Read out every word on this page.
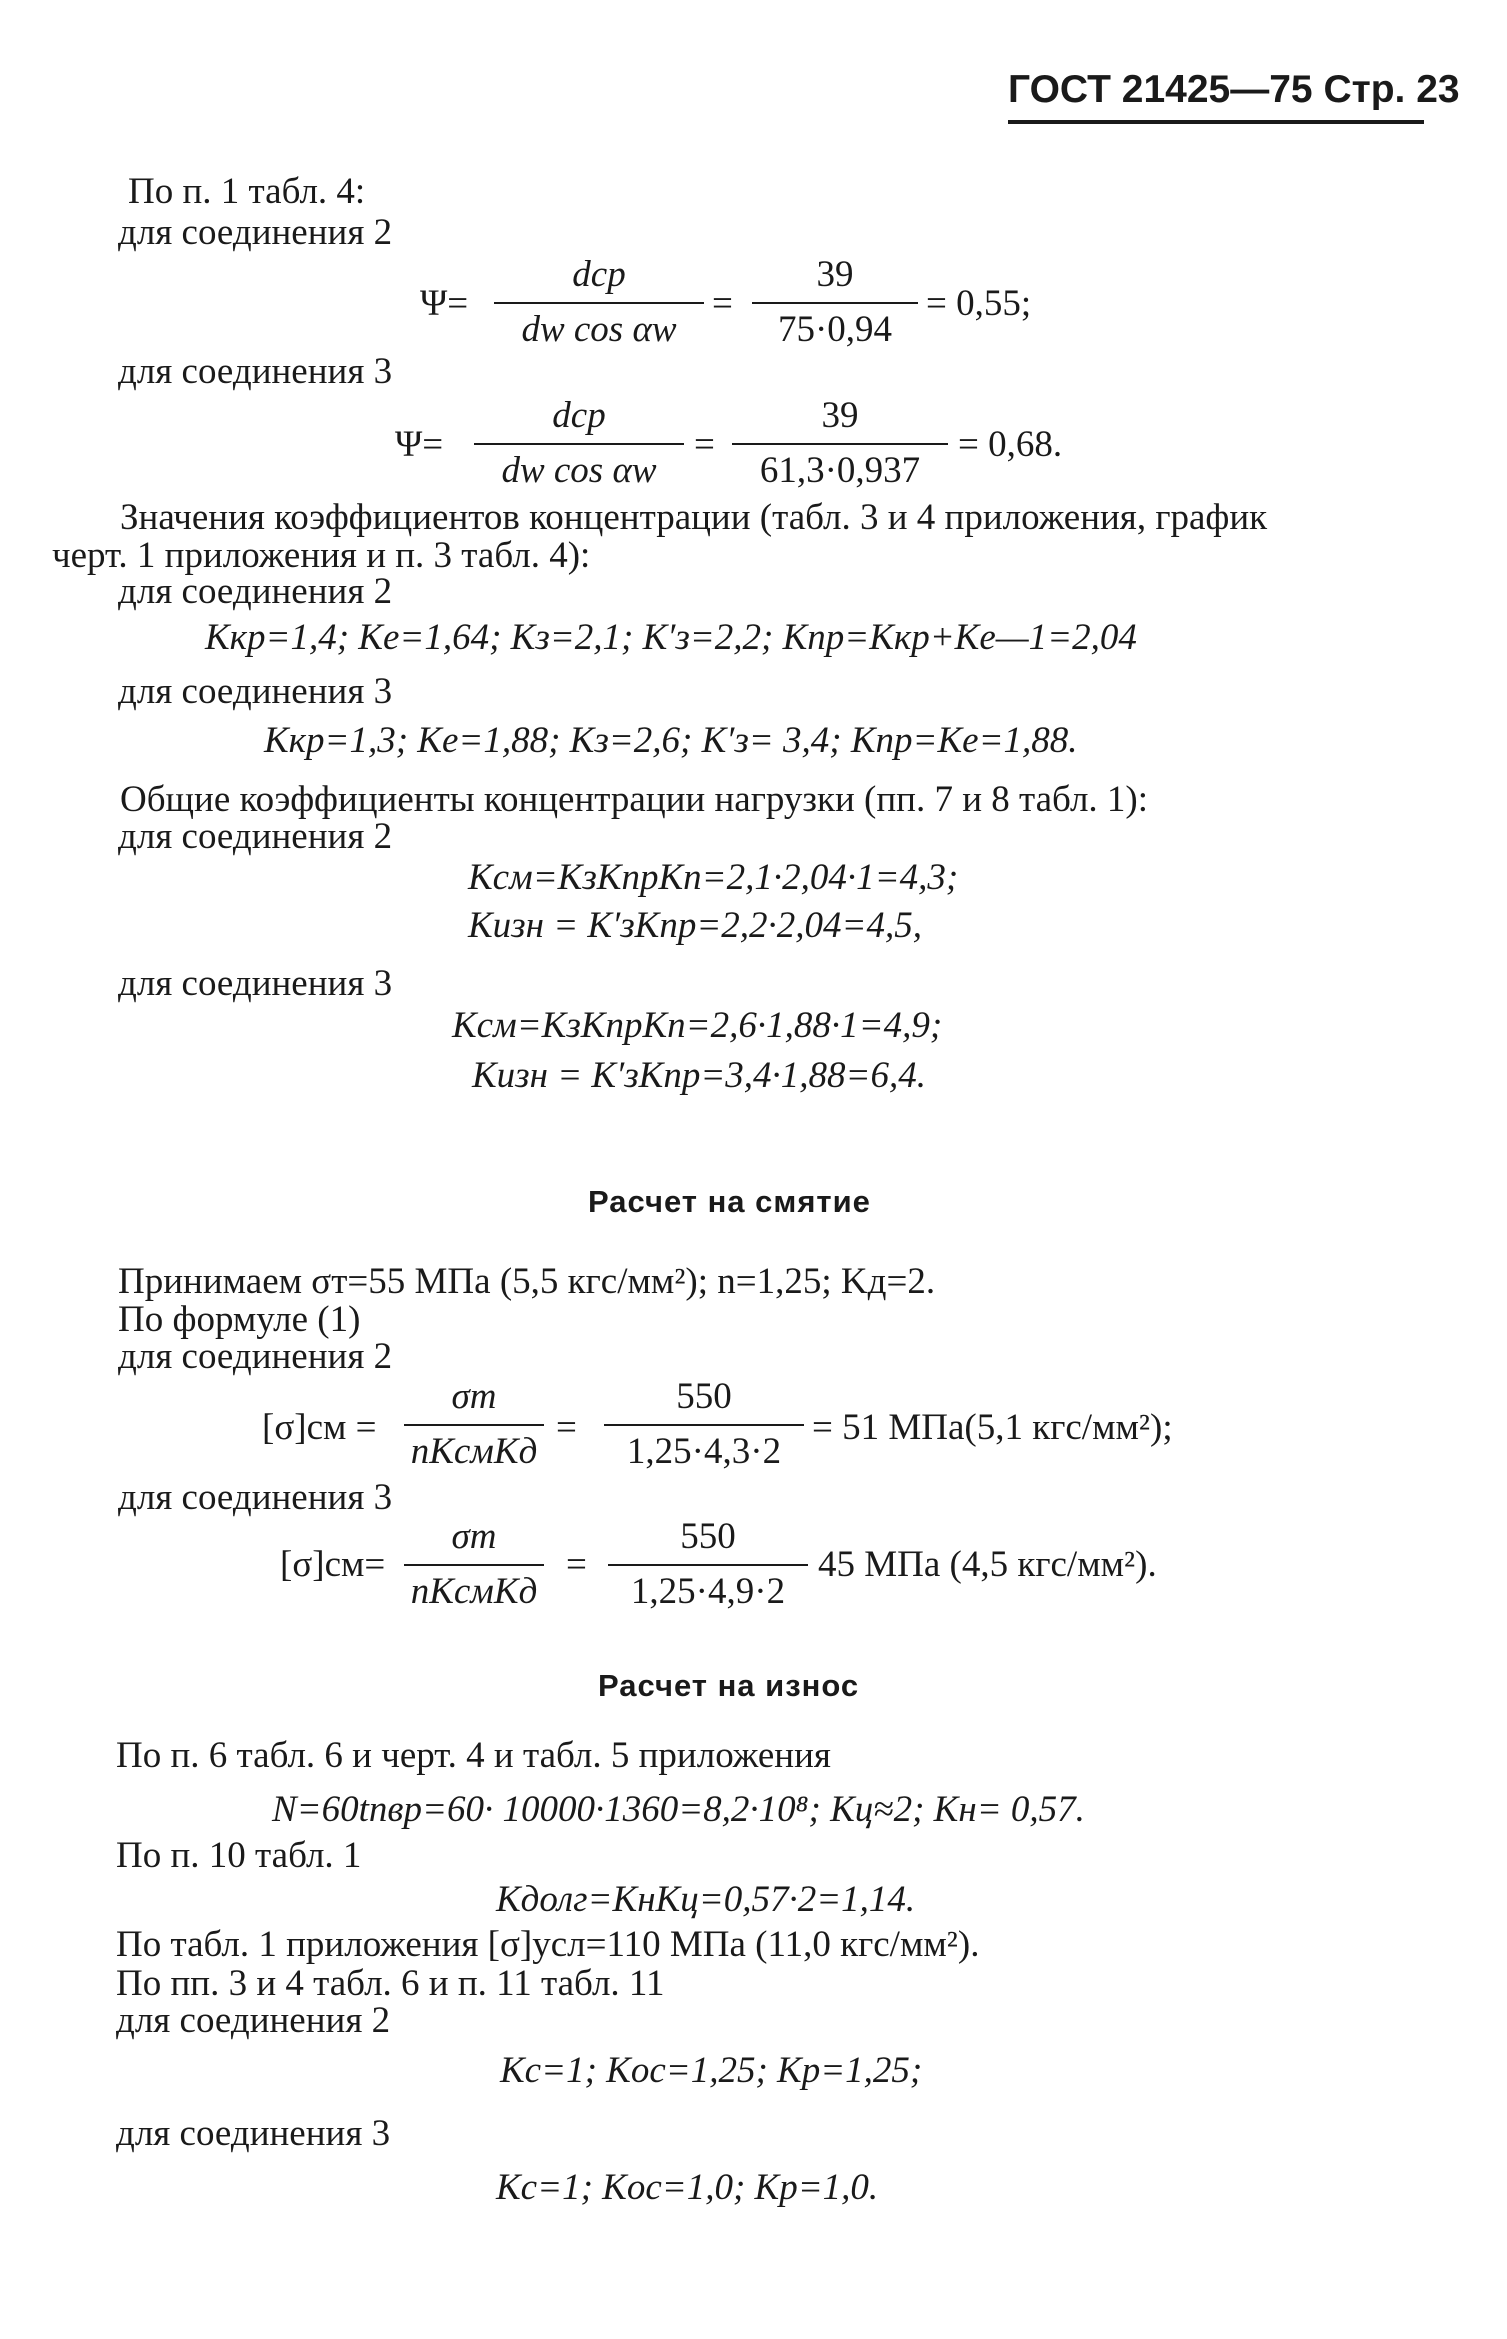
ГОСТ 21425—75 Стр. 23
По п. 1 табл. 4:
для соединения 2
Ψ=
dср
dw cos αw
=
39
75·0,94
= 0,55;
для соединения 3
Ψ=
dср
dw cos αw
=
39
61,3·0,937
= 0,68.
Значения коэффициентов концентрации (табл. 3 и 4 приложения, график
черт. 1 приложения и п. 3 табл. 4):
для соединения 2
Kкр=1,4; Ke=1,64; Kз=2,1; K′з=2,2; Kпр=Kкр+Ke—1=2,04
для соединения 3
Kкр=1,3; Ke=1,88; Kз=2,6; K′з= 3,4; Kпр=Ke=1,88.
Общие коэффициенты концентрации нагрузки (пп. 7 и 8 табл. 1):
для соединения 2
Kсм=KзKпрKп=2,1·2,04·1=4,3;
Kизн = K′зKпр=2,2·2,04=4,5,
для соединения 3
Kсм=KзKпрKп=2,6·1,88·1=4,9;
Kизн = K′зKпр=3,4·1,88=6,4.
Расчет на смятие
Принимаем σт=55 МПа (5,5 кгс/мм²); n=1,25; Kд=2.
По формуле (1)
для соединения 2
[σ]см =
σт
nKсмKд
=
550
1,25·4,3·2
= 51 МПа(5,1 кгс/мм²);
для соединения 3
[σ]см=
σт
nKсмKд
=
550
1,25·4,9·2
45 МПа (4,5 кгс/мм²).
Расчет на износ
По п. 6 табл. 6 и черт. 4 и табл. 5 приложения
N=60tnвр=60· 10000·1360=8,2·10⁸; Kц≈2; Kн= 0,57.
По п. 10 табл. 1
Kдолг=KнKц=0,57·2=1,14.
По табл. 1 приложения [σ]усл=110 МПа (11,0 кгс/мм²).
По пп. 3 и 4 табл. 6 и п. 11 табл. 11
для соединения 2
Kc=1; Koc=1,25; Kp=1,25;
для соединения 3
Kc=1; Koc=1,0; Kp=1,0.
